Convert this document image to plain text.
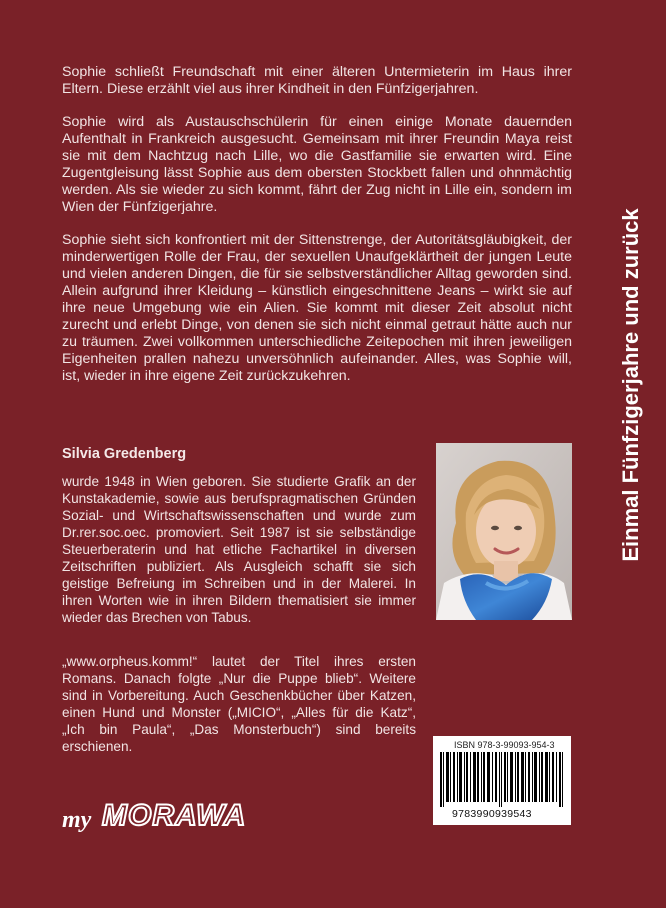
Sophie schließt Freundschaft mit einer älteren Untermieterin im Haus ihrer Eltern. Diese erzählt viel aus ihrer Kindheit in den Fünfzigerjahren.

Sophie wird als Austauschschülerin für einen einige Monate dauernden Aufenthalt in Frankreich ausgesucht. Gemeinsam mit ihrer Freundin Maya reist sie mit dem Nachtzug nach Lille, wo die Gastfamilie sie erwarten wird. Eine Zugentgleisung lässt Sophie aus dem obersten Stockbett fallen und ohnmächtig werden. Als sie wieder zu sich kommt, fährt der Zug nicht in Lille ein, sondern im Wien der Fünfzigerjahre.

Sophie sieht sich konfrontiert mit der Sittenstrenge, der Autoritätsgläubigkeit, der minderwertigen Rolle der Frau, der sexuellen Unaufgeklärtheit der jungen Leute und vielen anderen Dingen, die für sie selbstverständlicher Alltag geworden sind. Allein aufgrund ihrer Kleidung – künstlich eingeschnittene Jeans – wirkt sie auf ihre neue Umgebung wie ein Alien. Sie kommt mit dieser Zeit absolut nicht zurecht und erlebt Dinge, von denen sie sich nicht einmal getraut hätte auch nur zu träumen. Zwei vollkommen unterschiedliche Zeitepochen mit ihren jeweiligen Eigenheiten prallen nahezu unversöhnlich aufeinander. Alles, was Sophie will, ist, wieder in ihre eigene Zeit zurückzukehren.

Silvia Gredenberg
wurde 1948 in Wien geboren. Sie studierte Grafik an der Kunstakademie, sowie aus berufspragmatischen Gründen Sozial- und Wirtschaftswissenschaften und wurde zum Dr.rer.soc.oec. promoviert. Seit 1987 ist sie selbständige Steuerberaterin und hat etliche Fachartikel in diversen Zeitschriften publiziert. Als Ausgleich schafft sie sich geistige Befreiung im Schreiben und in der Malerei. In ihren Worten wie in ihren Bildern thematisiert sie immer wieder das Brechen von Tabus.
„www.orpheus.komm!“ lautet der Titel ihres ersten Romans. Danach folgte „Nur die Puppe blieb“. Weitere sind in Vorbereitung. Auch Geschenkbücher über Katzen, einen Hund und Monster („MICIO“, „Alles für die Katz“, „Ich bin Paula“, „Das Monsterbuch“) sind bereits erschienen.
Einmal Fünfzigerjahre und zurück
ISBN 978-3-99093-954-3
9783990939543
my MORAWA
